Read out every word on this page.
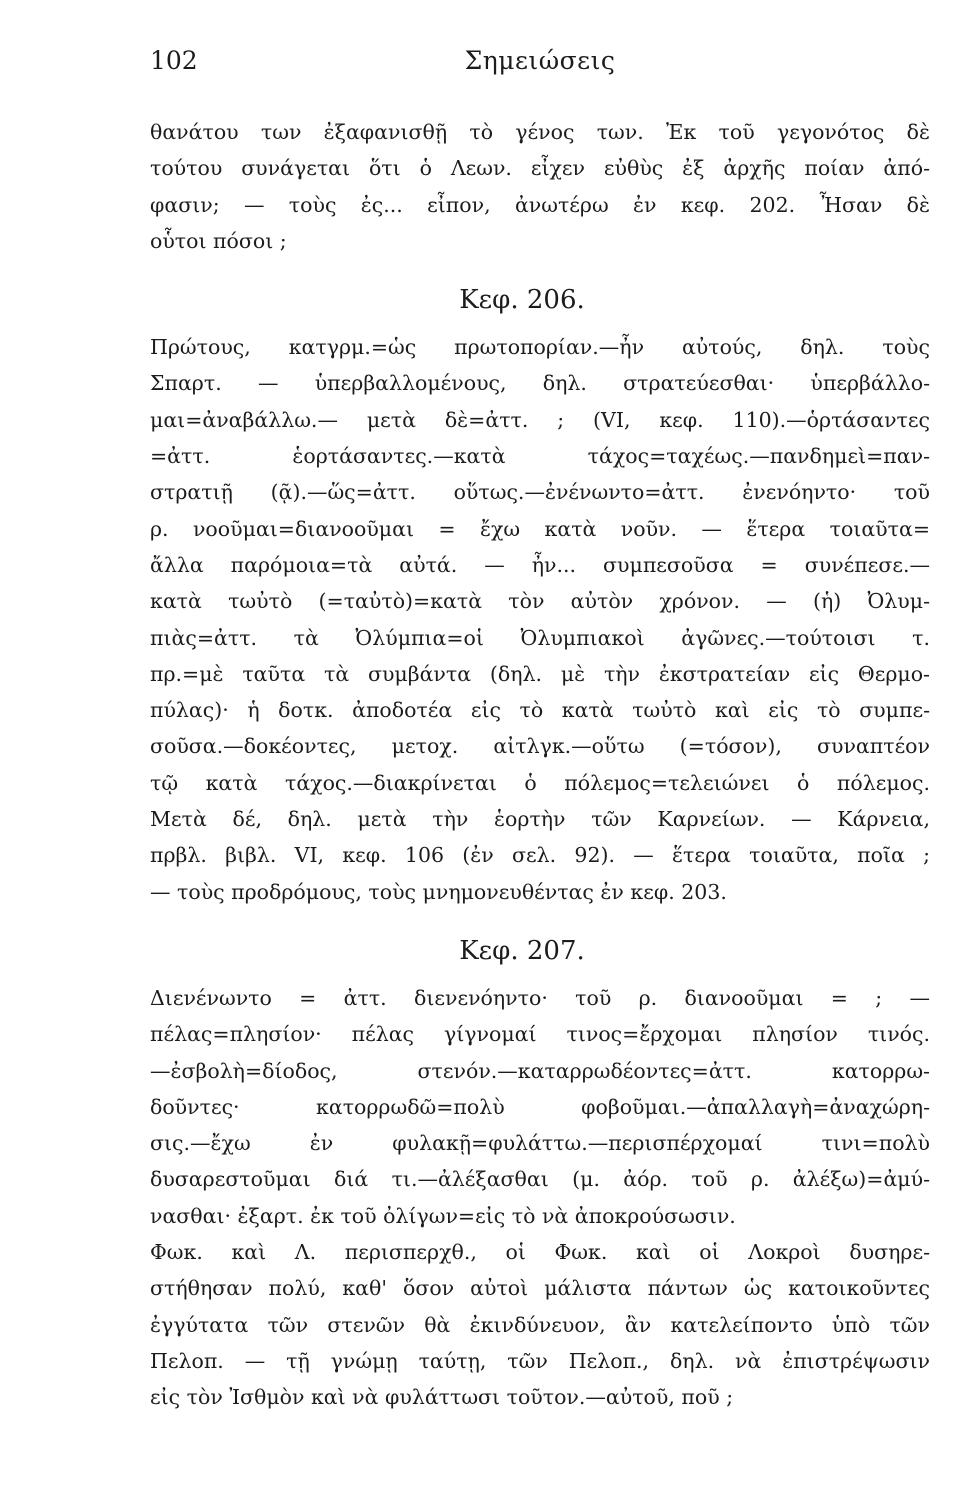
102	Σημειώσεις
θανάτου των ἐξαφανισθῇ τὸ γένος των. Ἐκ τοῦ γεγονότος δὲ
τούτου συνάγεται ὅτι ὁ Λεων. εἶχεν εὐθὺς ἐξ ἀρχῆς ποίαν ἀπό-
φασιν; — τοὺς ἐς... εἶπον, ἀνωτέρω ἐν κεφ. 202. Ἦσαν δὲ
οὗτοι πόσοι ;
Κεφ. 206.
Πρώτους, κατγρμ.=ὡς πρωτοπορίαν.—ἦν αὐτούς, δηλ. τοὺς
Σπαρτ. — ὑπερβαλλομένους, δηλ. στρατεύεσθαι· ὑπερβάλλο-
μαι=ἀναβάλλω.— μετὰ δὲ=ἀττ. ; (VI, κεφ. 110).—ὁρτάσαντες
=ἀττ. ἑορτάσαντες.—κατὰ τάχος=ταχέως.—πανδημεὶ=παν-
στρατιῇ (ᾷ).—ὥς=ἀττ. οὕτως.—ἐνένωντο=ἀττ. ἐνενόηντο· τοῦ
ρ. νοοῦμαι=διανοοῦμαι = ἔχω κατὰ νοῦν. — ἕτερα τοιαῦτα=
ἄλλα παρόμοια=τὰ αὐτά. — ἦν... συμπεσοῦσα = συνέπεσε.—
κατὰ τωὐτὸ (=ταὐτὸ)=κατὰ τὸν αὐτὸν χρόνον. — (ἡ) Ὀλυμ-
πιὰς=ἀττ. τὰ Ὀλύμπια=οἱ Ὀλυμπιακοὶ ἀγῶνες.—τούτοισι τ.
πρ.=μὲ ταῦτα τὰ συμβάντα (δηλ. μὲ τὴν ἐκστρατείαν εἰς Θερμο-
πύλας)· ἡ δοτκ. ἀποδοτέα εἰς τὸ κατὰ τωὐτὸ καὶ εἰς τὸ συμπε-
σοῦσα.—δοκέοντες, μετοχ. αἰτλγκ.—οὕτω (=τόσον), συναπτέον
τῷ κατὰ τάχος.—διακρίνεται ὁ πόλεμος=τελειώνει ὁ πόλεμος.
Μετὰ δέ, δηλ. μετὰ τὴν ἑορτὴν τῶν Καρνείων. — Κάρνεια,
πρβλ. βιβλ. VI, κεφ. 106 (ἐν σελ. 92). — ἕτερα τοιαῦτα, ποῖα ;
— τοὺς προδρόμους, τοὺς μνημονευθέντας ἐν κεφ. 203.
Κεφ. 207.
Διενένωντο = ἀττ. διενενόηντο· τοῦ ρ. διανοοῦμαι = ; —
πέλας=πλησίον· πέλας γίγνομαί τινος=ἔρχομαι πλησίον τινός.
—ἐσβολὴ=δίοδος, στενόν.—καταρρωδέοντες=ἀττ. κατορρω-
δοῦντες· κατορρωδῶ=πολὺ φοβοῦμαι.—ἀπαλλαγὴ=ἀναχώρη-
σις.—ἔχω ἐν φυλακῇ=φυλάττω.—περισπέρχομαί τινι=πολὺ
δυσαρεστοῦμαι διά τι.—ἀλέξασθαι (μ. ἀόρ. τοῦ ρ. ἀλέξω)=ἀμύ-
νασθαι· ἐξαρτ. ἐκ τοῦ ὀλίγων=εἰς τὸ νὰ ἀποκρούσωσιν.
Φωκ. καὶ Λ. περισπερχθ., οἱ Φωκ. καὶ οἱ Λοκροὶ δυσηρε-
στήθησαν πολύ, καθ' ὅσον αὐτοὶ μάλιστα πάντων ὡς κατοικοῦντες
ἐγγύτατα τῶν στενῶν θὰ ἐκινδύνευον, ἂν κατελείποντο ὑπὸ τῶν
Πελοπ. — τῇ γνώμῃ ταύτῃ, τῶν Πελοπ., δηλ. νὰ ἐπιστρέψωσιν
εἰς τὸν Ἰσθμὸν καὶ νὰ φυλάττωσι τοῦτον.—αὐτοῦ, ποῦ ;
